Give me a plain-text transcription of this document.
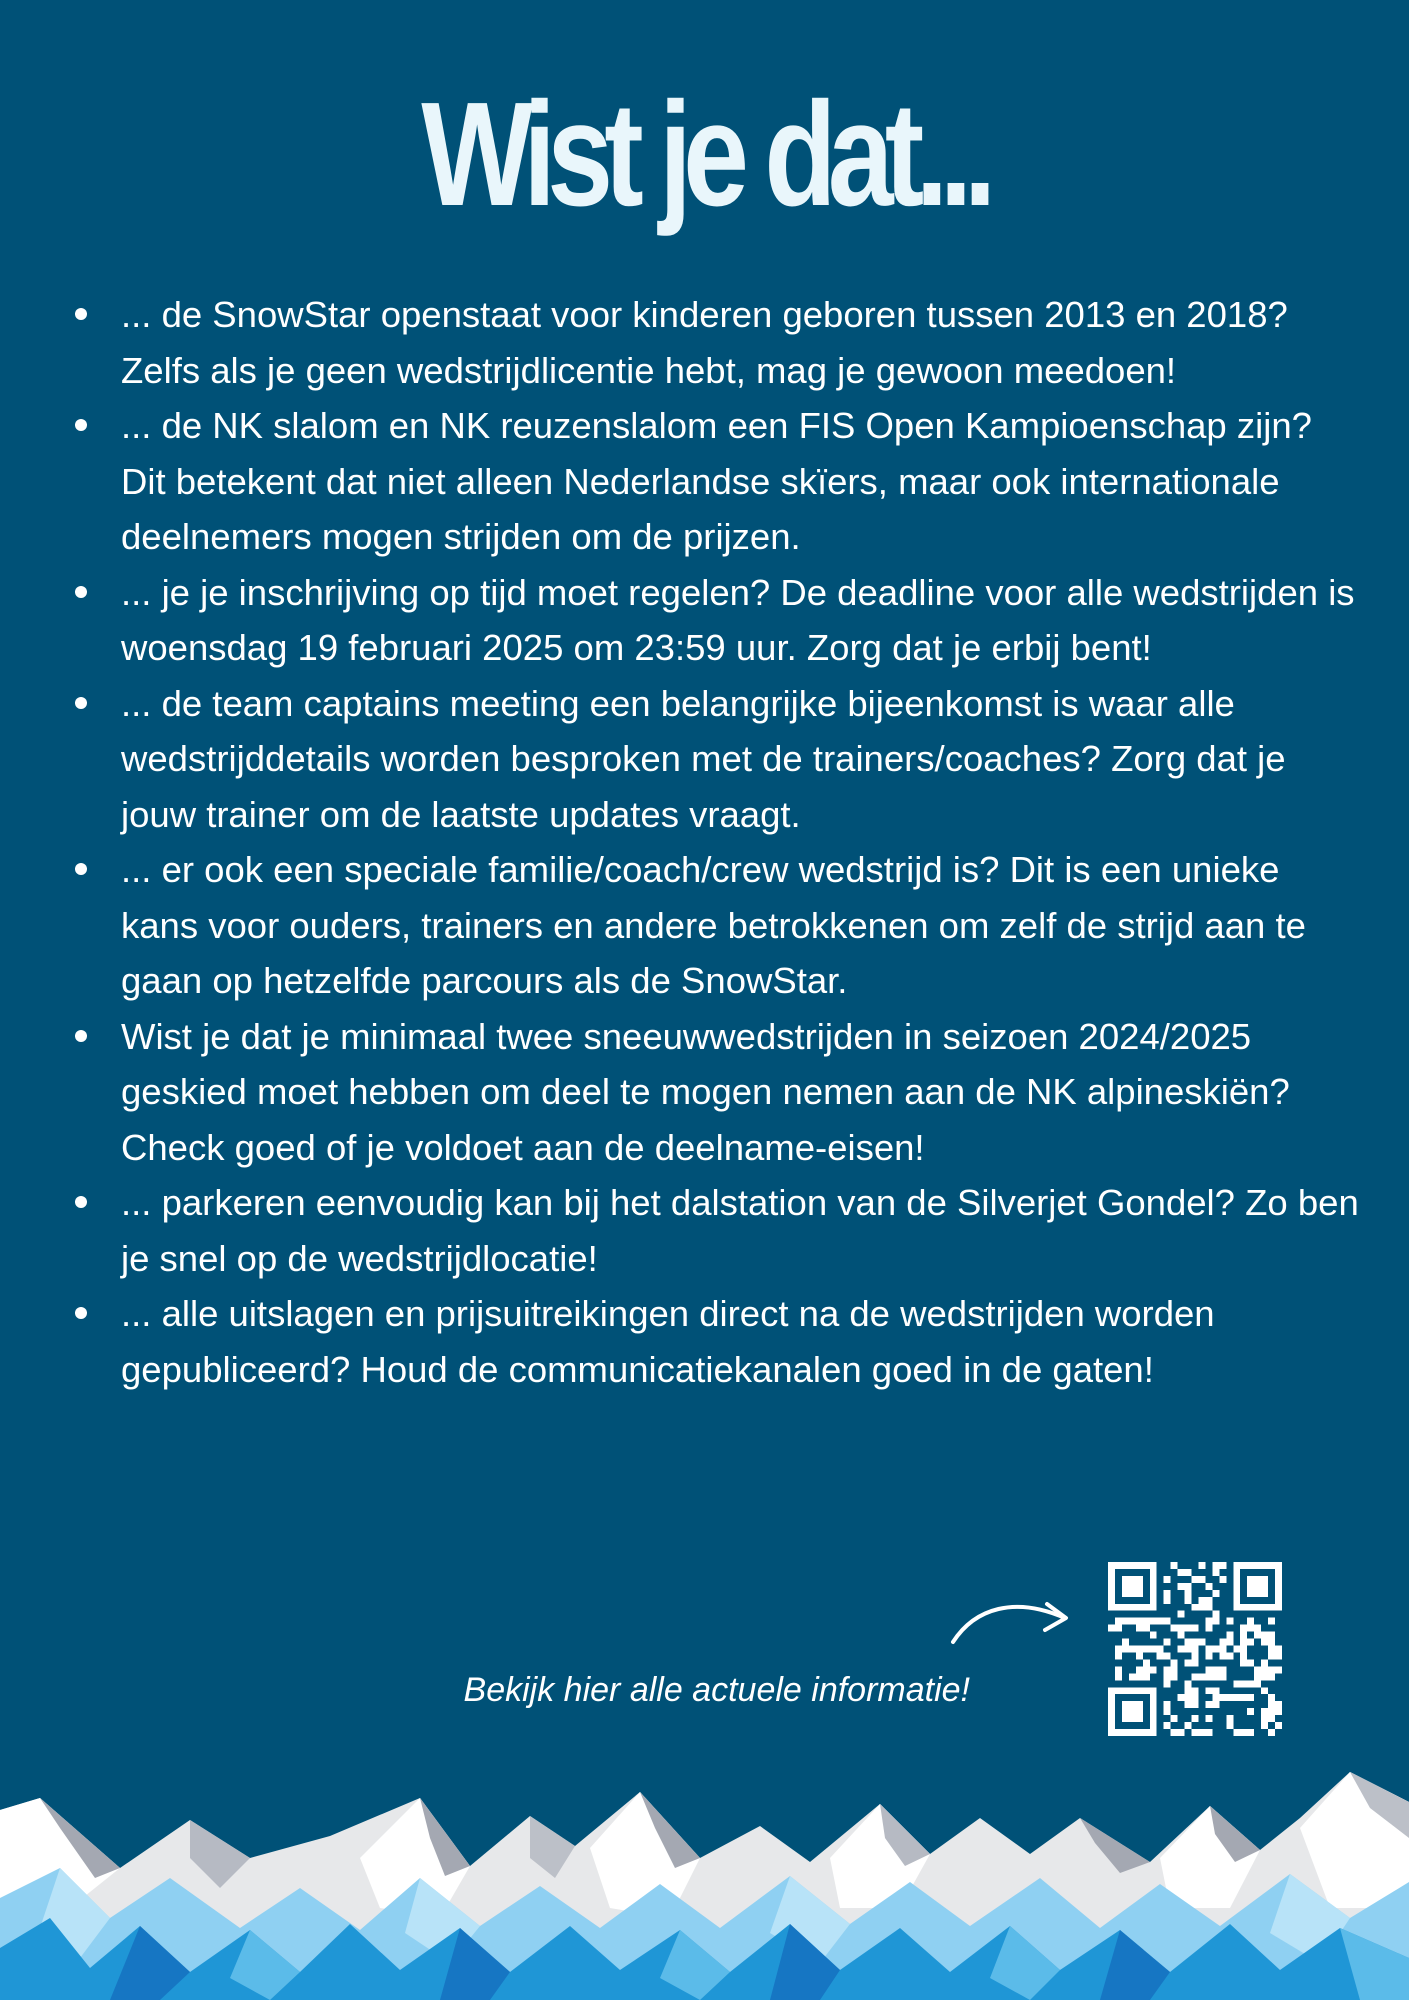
Wist je dat...
... de SnowStar openstaat voor kinderen geboren tussen 2013 en 2018? Zelfs als je geen wedstrijdlicentie hebt, mag je gewoon meedoen!
... de NK slalom en NK reuzenslalom een FIS Open Kampioenschap zijn? Dit betekent dat niet alleen Nederlandse skïers, maar ook internationale deelnemers mogen strijden om de prijzen.
... je je inschrijving op tijd moet regelen? De deadline voor alle wedstrijden is woensdag 19 februari 2025 om 23:59 uur. Zorg dat je erbij bent!
... de team captains meeting een belangrijke bijeenkomst is waar alle wedstrijddetails worden besproken met de trainers/coaches? Zorg dat je jouw trainer om de laatste updates vraagt.
... er ook een speciale familie/coach/crew wedstrijd is? Dit is een unieke kans voor ouders, trainers en andere betrokkenen om zelf de strijd aan te gaan op hetzelfde parcours als de SnowStar.
Wist je dat je minimaal twee sneeuwwedstrijden in seizoen 2024/2025 geskied moet hebben om deel te mogen nemen aan de NK alpineskiën? Check goed of je voldoet aan de deelname-eisen!
... parkeren eenvoudig kan bij het dalstation van de Silverjet Gondel? Zo ben je snel op de wedstrijdlocatie!
... alle uitslagen en prijsuitreikingen direct na de wedstrijden worden gepubliceerd? Houd de communicatiekanalen goed in de gaten!
Bekijk hier alle actuele informatie!
